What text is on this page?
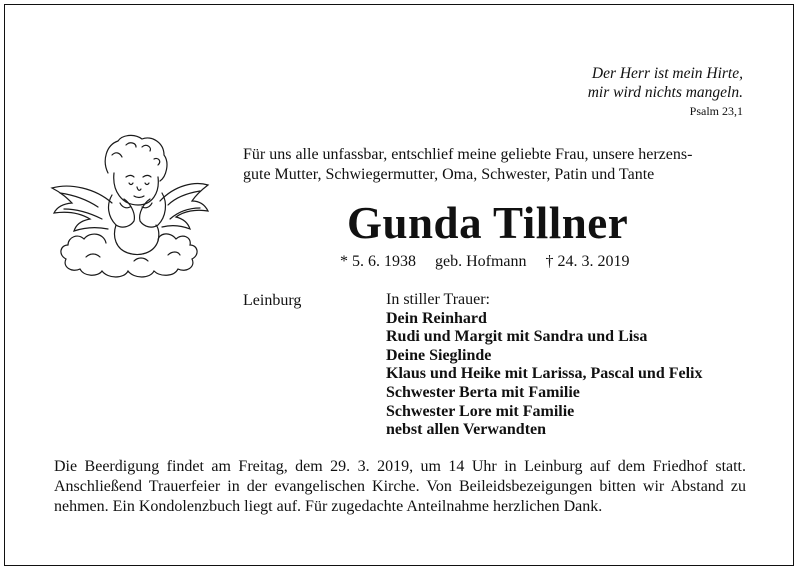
Der Herr ist mein Hirte,
mir wird nichts mangeln.
Psalm 23,1
Für uns alle unfassbar, entschlief meine geliebte Frau, unsere herzens-
gute Mutter, Schwiegermutter, Oma, Schwester, Patin und Tante
Gunda Tillner
* 5. 6. 1938 geb. Hofmann † 24. 3. 2019
Leinburg	In stiller Trauer:
Dein Reinhard
Rudi und Margit mit Sandra und Lisa
Deine Sieglinde
Klaus und Heike mit Larissa, Pascal und Felix
Schwester Berta mit Familie
Schwester Lore mit Familie
nebst allen Verwandten
Die Beerdigung findet am Freitag, dem 29. 3. 2019, um 14 Uhr in Leinburg auf dem Friedhof statt. Anschließend Trauerfeier in der evangelischen Kirche. Von Beileidsbezeigungen bitten wir Abstand zu nehmen. Ein Kondolenzbuch liegt auf. Für zugedachte Anteilnahme herzlichen Dank.
